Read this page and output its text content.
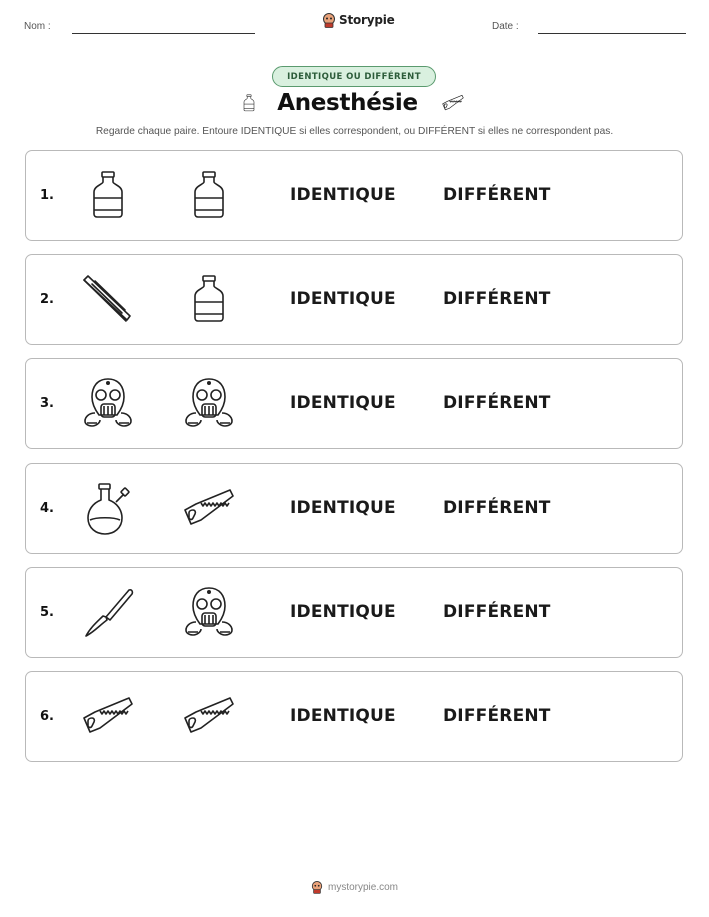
Nom :	Storypie	Date :
IDENTIQUE OU DIFFÉRENT
Anesthésie
Regarde chaque paire. Entoure IDENTIQUE si elles correspondent, ou DIFFÉRENT si elles ne correspondent pas.
1.	IDENTIQUE	DIFFÉRENT
2.	IDENTIQUE	DIFFÉRENT
3.	IDENTIQUE	DIFFÉRENT
4.	IDENTIQUE	DIFFÉRENT
5.	IDENTIQUE	DIFFÉRENT
6.	IDENTIQUE	DIFFÉRENT
mystorypie.com
